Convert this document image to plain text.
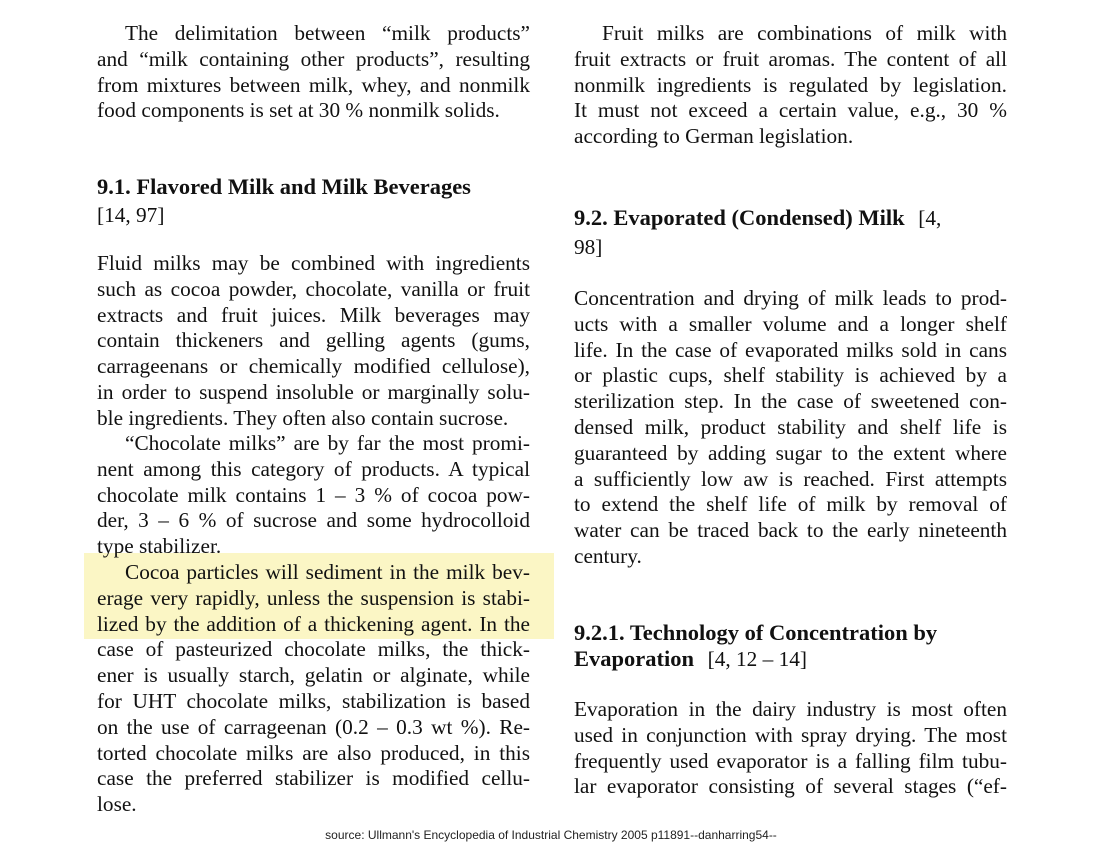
The delimitation between “milk products”
and “milk containing other products”, resulting
from mixtures between milk, whey, and nonmilk
food components is set at 30 % nonmilk solids.
9.1. Flavored Milk and Milk Beverages
[14, 97]
Fluid milks may be combined with ingredients
such as cocoa powder, chocolate, vanilla or fruit
extracts and fruit juices. Milk beverages may
contain thickeners and gelling agents (gums,
carrageenans or chemically modified cellulose),
in order to suspend insoluble or marginally solu-
ble ingredients. They often also contain sucrose.
“Chocolate milks” are by far the most promi-
nent among this category of products. A typical
chocolate milk contains 1 – 3 % of cocoa pow-
der, 3 – 6 % of sucrose and some hydrocolloid
type stabilizer.
Cocoa particles will sediment in the milk bev-
erage very rapidly, unless the suspension is stabi-
lized by the addition of a thickening agent. In the
case of pasteurized chocolate milks, the thick-
ener is usually starch, gelatin or alginate, while
for UHT chocolate milks, stabilization is based
on the use of carrageenan (0.2 – 0.3 wt %). Re-
torted chocolate milks are also produced, in this
case the preferred stabilizer is modified cellu-
lose.
Fruit milks are combinations of milk with
fruit extracts or fruit aromas. The content of all
nonmilk ingredients is regulated by legislation.
It must not exceed a certain value, e.g., 30 %
according to German legislation.
9.2. Evaporated (Condensed) Milk [4,
98]
Concentration and drying of milk leads to prod-
ucts with a smaller volume and a longer shelf
life. In the case of evaporated milks sold in cans
or plastic cups, shelf stability is achieved by a
sterilization step. In the case of sweetened con-
densed milk, product stability and shelf life is
guaranteed by adding sugar to the extent where
a sufficiently low aw is reached. First attempts
to extend the shelf life of milk by removal of
water can be traced back to the early nineteenth
century.
9.2.1. Technology of Concentration by
Evaporation [4, 12 – 14]
Evaporation in the dairy industry is most often
used in conjunction with spray drying. The most
frequently used evaporator is a falling film tubu-
lar evaporator consisting of several stages (“ef-
source: Ullmann's Encyclopedia of Industrial Chemistry 2005 p11891--danharring54--
